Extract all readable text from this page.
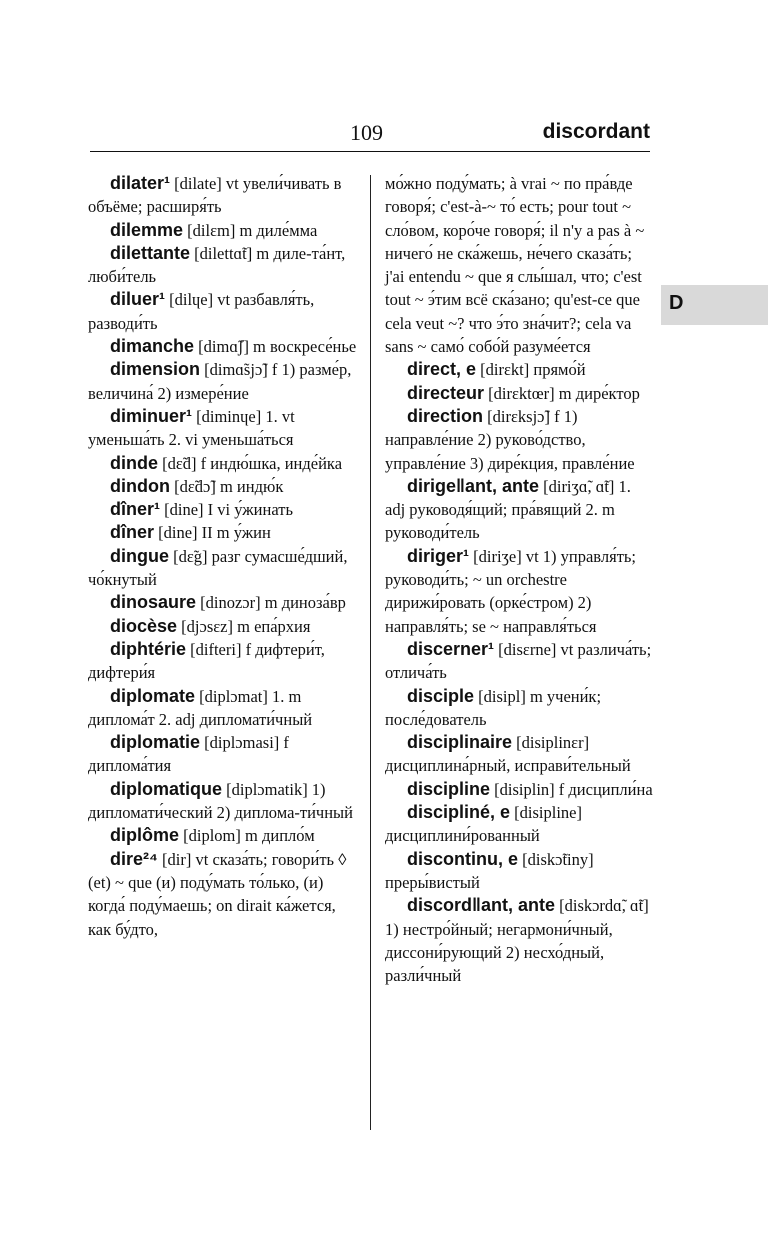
109	discordant
dilater¹ [dilate] vt увели́чивать в объёме; расширя́ть
dilemme [dilɛm] m диле́мма
dilettante [dilettɑ̃t] m диле-та́нт, люби́тель
diluer¹ [dilɥe] vt разбавля́ть, разводи́ть
dimanche [dimɑ̃ʃ] m воскресе́нье
dimension [dimɑ̃sjɔ̃] f 1) разме́р, величина́ 2) измере́ние
diminuer¹ [diminɥe] 1. vt уменьша́ть 2. vi уменьша́ться
dinde [dɛ̃d] f индю́шка, инде́йка
dindon [dɛ̃dɔ̃] m индю́к
dîner¹ [dine] I vi у́жинать
dîner [dine] II m у́жин
dingue [dɛ̃g] разг сумасше́дший, чо́кнутый
dinosaure [dinozɔr] m диноза́вр
diocèse [djɔsɛz] m епа́рхия
diphtérie [difteri] f дифтери́т, дифтери́я
diplomate [diplɔmat] 1. m диплома́т 2. adj дипломати́чный
diplomatie [diplɔmasi] f диплома́тия
diplomatique [diplɔmatik] 1) дипломати́ческий 2) диплома-ти́чный
diplôme [diplom] m дипло́м
dire²⁴ [dir] vt сказа́ть; говори́ть ◊ (et) ~ que (и) поду́мать то́лько, (и) когда́ поду́маешь; on dirait ка́жется, как бу́дто,
мо́жно поду́мать; à vrai ~ по пра́вде говоря́; c'est-à-~ то́ есть; pour tout ~ сло́вом, коро́че говоря́; il n'y a pas à ~ ничего́ не ска́жешь, не́чего сказа́ть; j'ai entendu ~ que я слы́шал, что; c'est tout ~ э́тим всё ска́зано; qu'est-ce que cela veut ~? что э́то зна́чит?; cela va sans ~ само́ собо́й разуме́ется
direct, e [dirɛkt] прямо́й
directeur [dirɛktœr] m дире́ктор
direction [dirɛksjɔ̃] f 1) направле́ние 2) руково́дство, управле́ние 3) дире́кция, правле́ние
dirige‖ant, ante [diriʒɑ̃, ɑ̃t] 1. adj руководя́щий; пра́вящий 2. m руководи́тель
diriger¹ [diriʒe] vt 1) управля́ть; руководи́ть; ~ un orchestre дирижи́ровать (орке́стром) 2) направля́ть; se ~ направля́ться
discerner¹ [disɛrne] vt различа́ть; отлича́ть
disciple [disipl] m учени́к; после́дователь
disciplinaire [disiplinɛr] дисциплина́рный, исправи́тельный
discipline [disiplin] f дисципли́на
discipliné, e [disipline] дисциплини́рованный
discontinu, e [diskɔ̃tiny] преры́вистый
discord‖ant, ante [diskɔrdɑ̃, ɑ̃t] 1) нестро́йный; негармони́чный, диссони́рующий 2) несхо́дный, разли́чный
D
